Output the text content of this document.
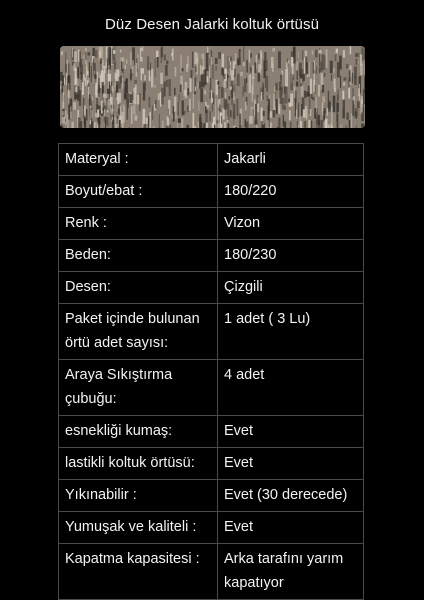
Düz Desen Jalarki koltuk örtüsü
Materyal :	Jakarli
Boyut/ebat :	180/220
Renk :	Vizon
Beden:	180/230
Desen:	Çizgili
Paket içinde bulunan örtü adet sayısı:	1 adet ( 3 Lu)
Araya Sıkıştırma çubuğu:	4 adet
esnekliği kumaş:	Evet
lastikli koltuk örtüsü:	Evet
Yıkınabilir :	Evet (30 derecede)
Yumuşak ve kaliteli :	Evet
Kapatma kapasitesi :	Arka tarafını yarım kapatıyor
